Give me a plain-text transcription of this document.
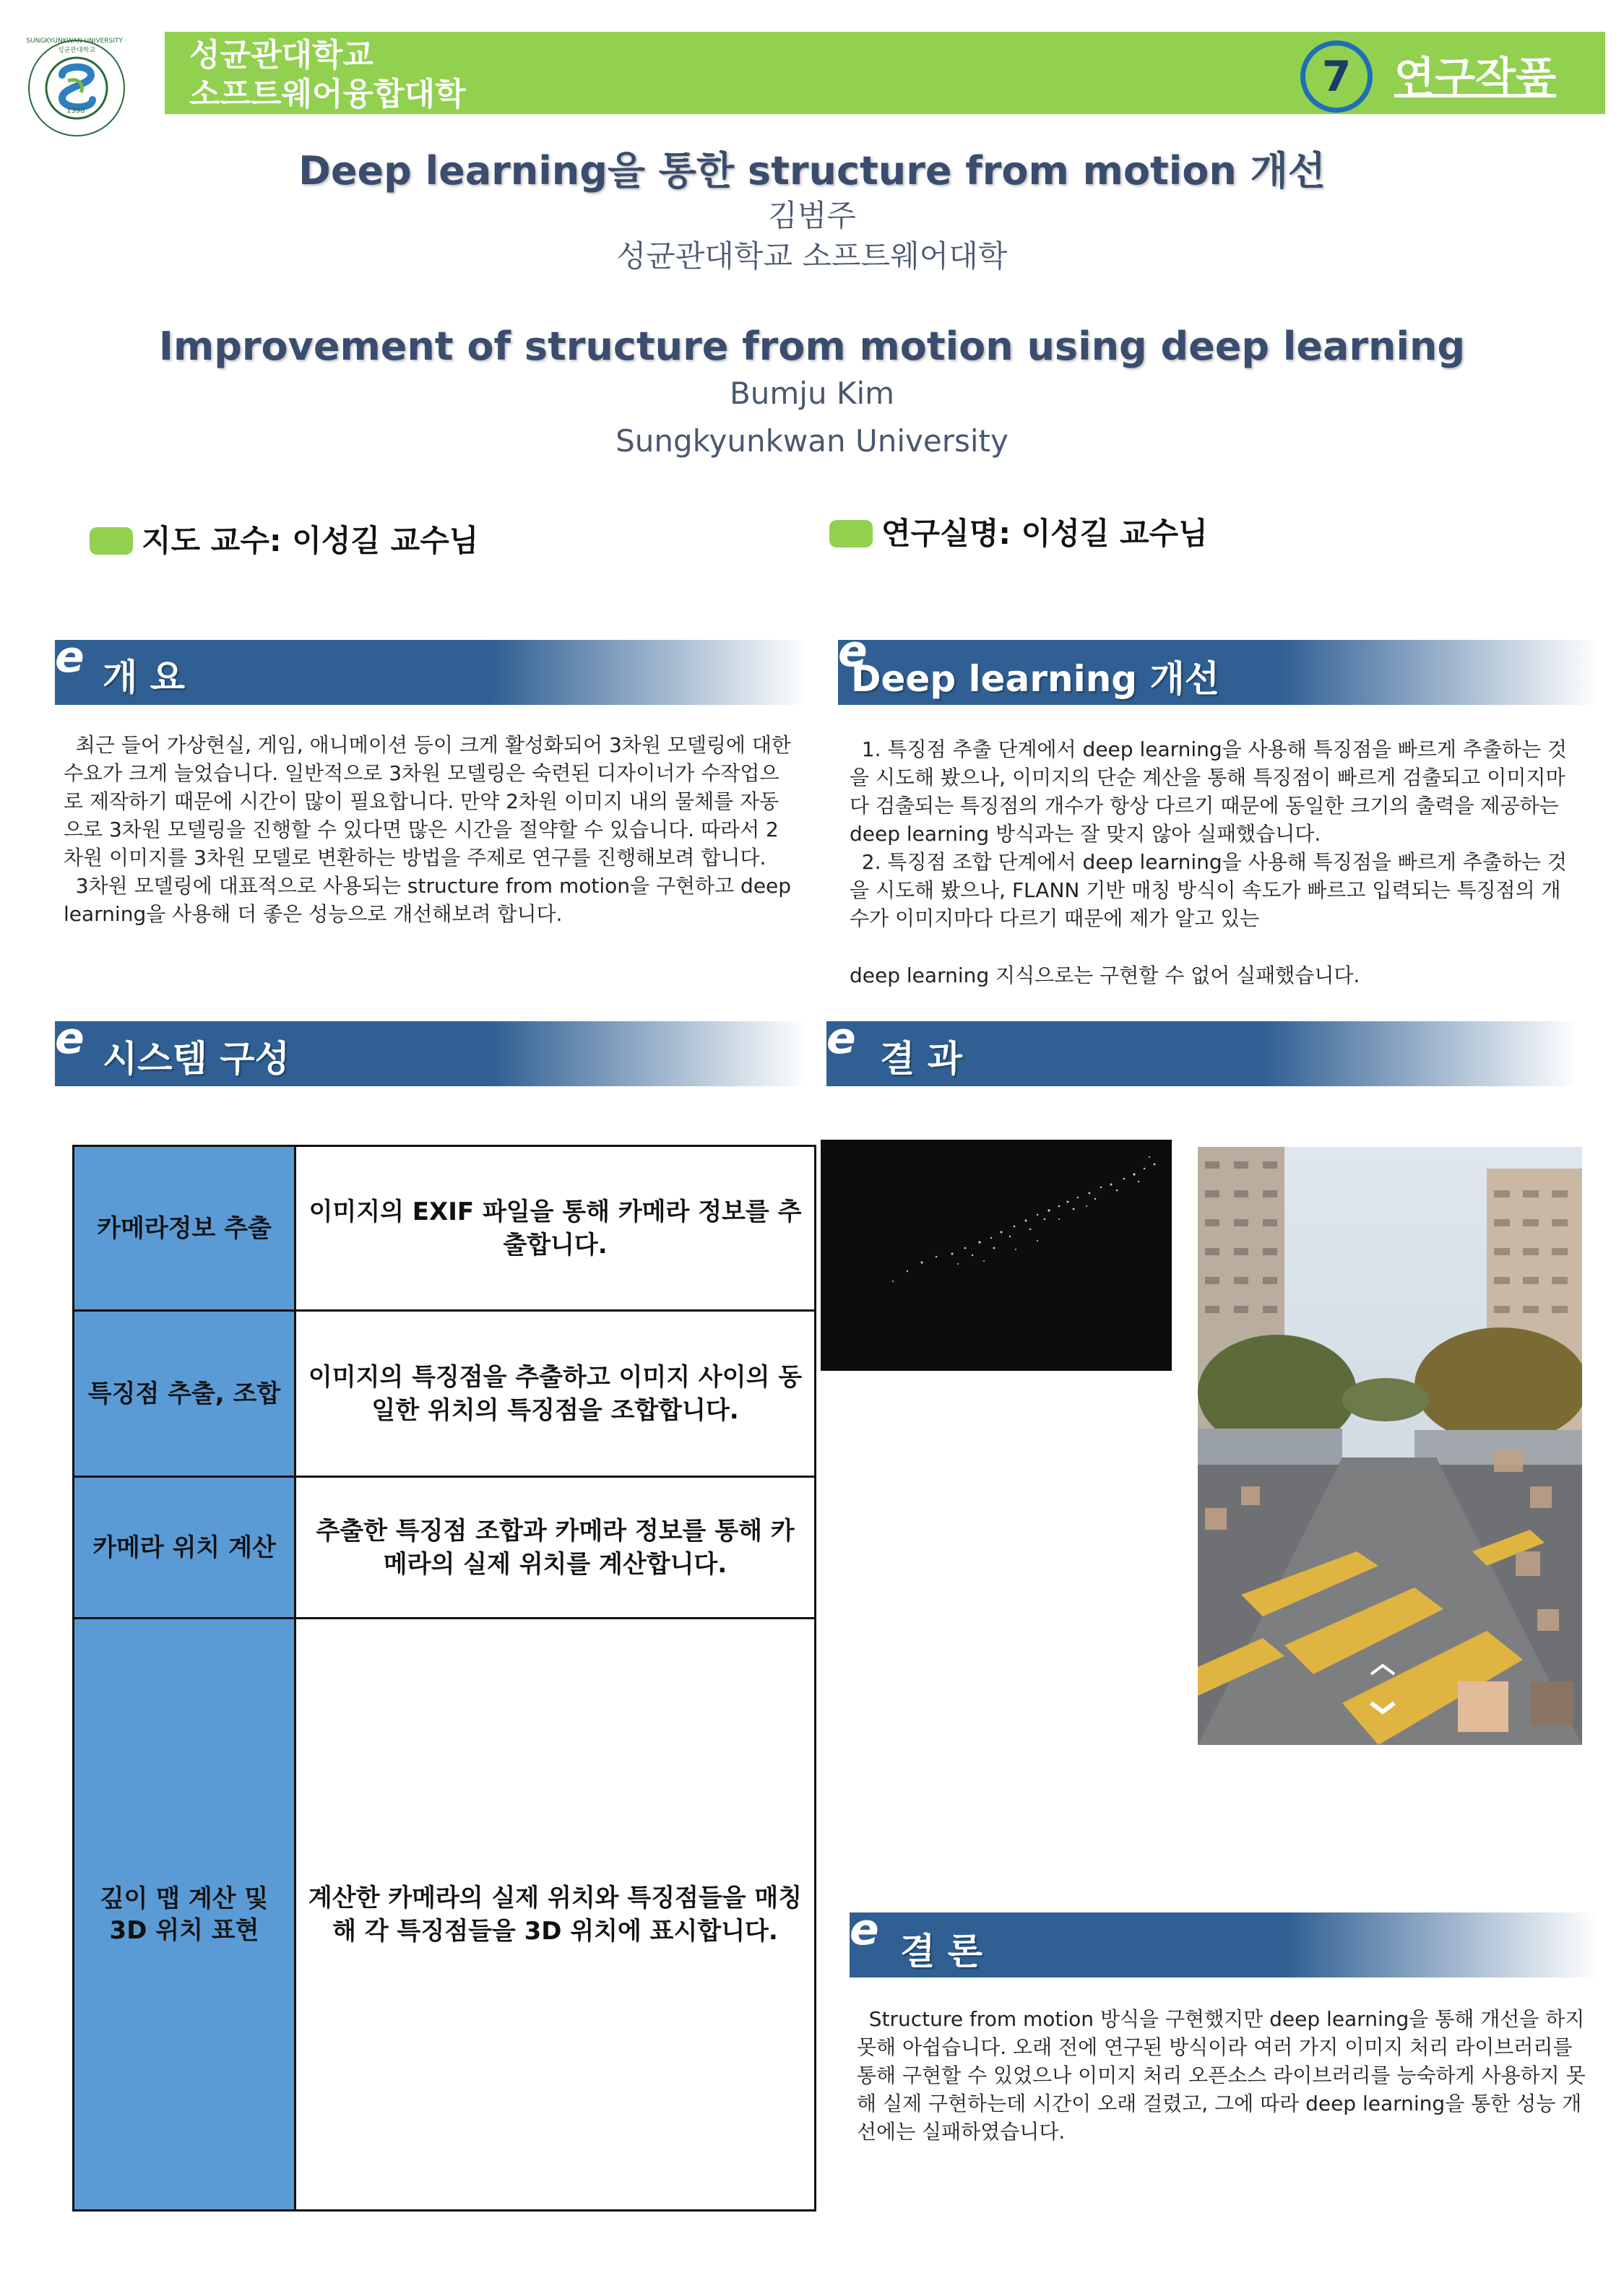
SUNGKYUNKWAN UNIVERSITY · 성균관대학교
1398
성균관대학교
소프트웨어융합대학	7	연구작품
Deep learning을 통한 structure from motion 개선
김범주
성균관대학교 소프트웨어대학
Improvement of structure from motion using deep learning
Bumju Kim
Sungkyunkwan University
지도 교수: 이성길 교수님	연구실명: 이성길 교수님
e 개 요
최근 들어 가상현실, 게임, 애니메이션 등이 크게 활성화되어 3차원 모델링에 대한 수요가 크게 늘었습니다. 일반적으로 3차원 모델링은 숙련된 디자이너가 수작업으로 제작하기 때문에 시간이 많이 필요합니다. 만약 2차원 이미지 내의 물체를 자동으로 3차원 모델링을 진행할 수 있다면 많은 시간을 절약할 수 있습니다. 따라서 2차원 이미지를 3차원 모델로 변환하는 방법을 주제로 연구를 진행해보려 합니다.
3차원 모델링에 대표적으로 사용되는 structure from motion을 구현하고 deep learning을 사용해 더 좋은 성능으로 개선해보려 합니다.
e
Deep learning 개선
1. 특징점 추출 단계에서 deep learning을 사용해 특징점을 빠르게 추출하는 것을 시도해 봤으나, 이미지의 단순 계산을 통해 특징점이 빠르게 검출되고 이미지마다 검출되는 특징점의 개수가 항상 다르기 때문에 동일한 크기의 출력을 제공하는 deep learning 방식과는 잘 맞지 않아 실패했습니다.
2. 특징점 조합 단계에서 deep learning을 사용해 특징점을 빠르게 추출하는 것을 시도해 봤으나, FLANN 기반 매칭 방식이 속도가 빠르고 입력되는 특징점의 개수가 이미지마다 다르기 때문에 제가 알고 있는
deep learning 지식으로는 구현할 수 없어 실패했습니다.
e 시스템 구성
카메라정보 추출	이미지의 EXIF 파일을 통해 카메라 정보를 추출합니다.
특징점 추출, 조합	이미지의 특징점을 추출하고 이미지 사이의 동일한 위치의 특징점을 조합합니다.
카메라 위치 계산	추출한 특징점 조합과 카메라 정보를 통해 카메라의 실제 위치를 계산합니다.
깊이 맵 계산 및 3D 위치 표현	계산한 카메라의 실제 위치와 특징점들을 매칭해 각 특징점들을 3D 위치에 표시합니다.
e 결 과
e 결 론
Structure from motion 방식을 구현했지만 deep learning을 통해 개선을 하지 못해 아쉽습니다. 오래 전에 연구된 방식이라 여러 가지 이미지 처리 라이브러리를 통해 구현할 수 있었으나 이미지 처리 오픈소스 라이브러리를 능숙하게 사용하지 못해 실제 구현하는데 시간이 오래 걸렸고, 그에 따라 deep learning을 통한 성능 개선에는 실패하였습니다.
